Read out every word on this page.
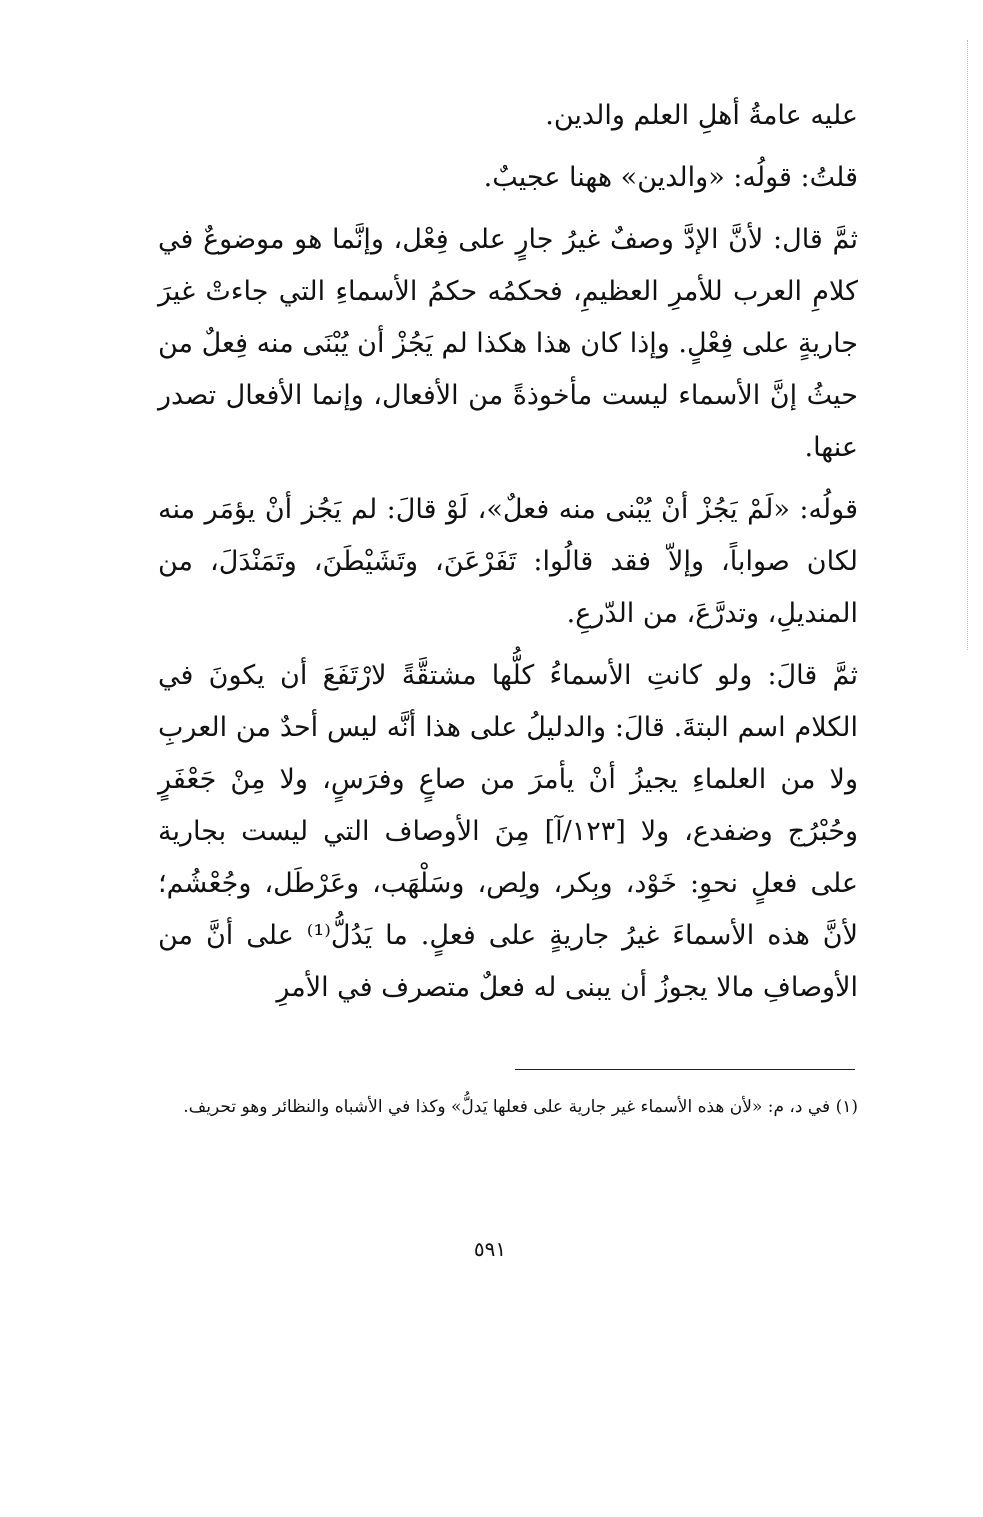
عليه عامةُ أهلِ العلم والدين.

قلتُ: قولُه: «والدين» ههنا عجيبٌ.

ثمَّ قال: لأنَّ الإدَّ وصفٌ غيرُ جارٍ على فِعْل، وإنَّما هو موضوعٌ في كلامِ العرب للأمرِ العظيمِ، فحكمُه حكمُ الأسماءِ التي جاءتْ غيرَ جاريةٍ على فِعْلٍ. وإذا كان هذا هكذا لم يَجُزْ أن يُبْنَى منه فِعلٌ من حيثُ إنَّ الأسماء ليست مأخوذةً من الأفعال، وإنما الأفعال تصدر عنها.

قولُه: «لَمْ يَجُزْ أنْ يُبْنى منه فعلٌ»، لَوْ قالَ: لم يَجُز أنْ يؤمَر منه لكان صواباً، وإلاّ فقد قالُوا: تَفَرْعَنَ، وتَشَيْطَنَ، وتَمَنْدَلَ، من المنديلِ، وتدرَّعَ، من الدّرعِ.

ثمَّ قالَ: ولو كانتِ الأسماءُ كلُّها مشتقَّةً لارْتَفَعَ أن يكونَ في الكلام اسم البتةَ. قالَ: والدليلُ على هذا أنَّه ليس أحدٌ من العربِ ولا من العلماءِ يجيزُ أنْ يأمرَ من صاعٍ وفرَسٍ، ولا مِنْ جَعْفَرٍ وحُبْرُج وضفدع، ولا [١٢٣/آ] مِنَ الأوصاف التي ليست بجارية على فعلٍ نحوِ: خَوْد، وبِكر، ولِص، وسَلْهَب، وعَرْطَل، وجُعْشُم؛ لأنَّ هذه الأسماءَ غيرُ جاريةٍ على فعلٍ. ما يَدُلُّ⁽¹⁾ على أنَّ من الأوصافِ مالا يجوزُ أن يبنى له فعلٌ متصرف في الأمرِ

(١) في د، م: «لأن هذه الأسماء غير جارية على فعلها يَدلُّ» وكذا في الأشباه والنظائر وهو تحريف.
٥٩١
